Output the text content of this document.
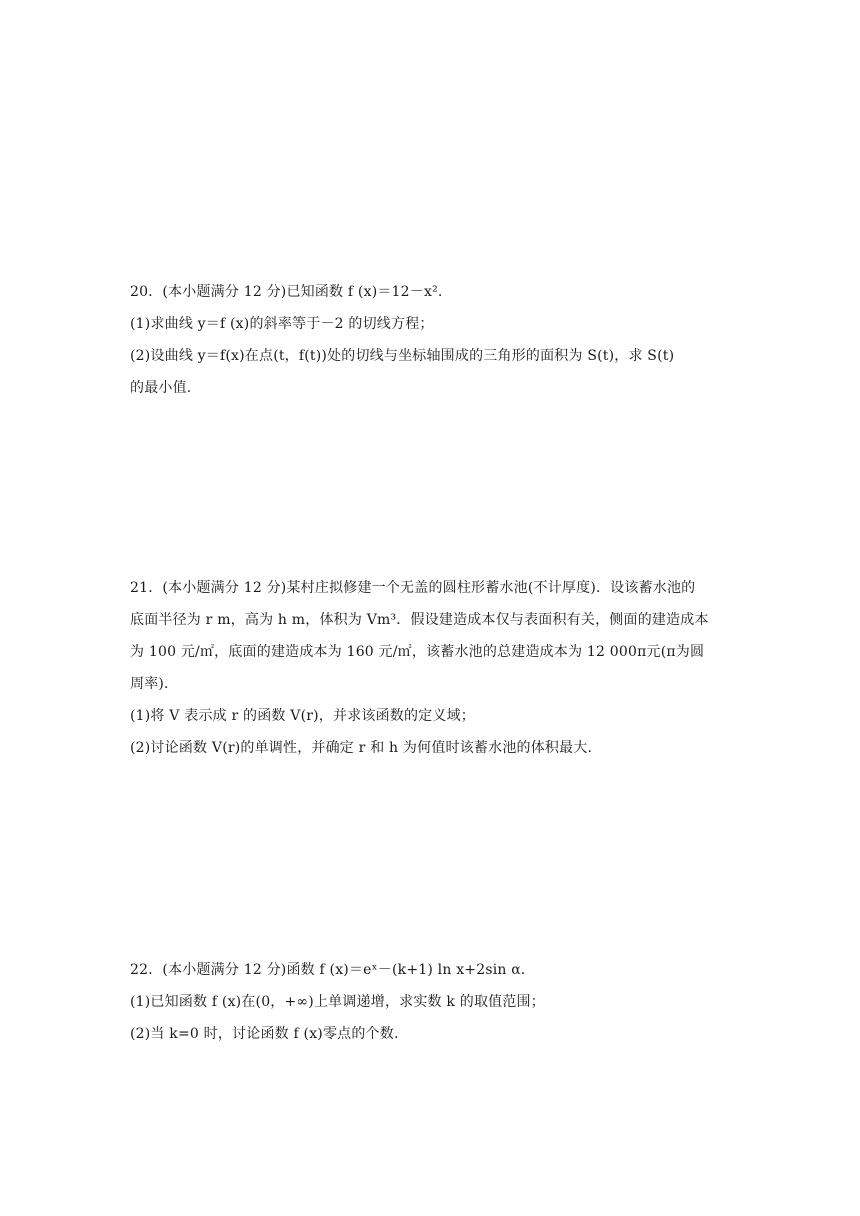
20．(本小题满分 12 分)已知函数 f (x)＝12－x².
(1)求曲线 y＝f (x)的斜率等于－2 的切线方程；
(2)设曲线 y＝f(x)在点(t，f(t))处的切线与坐标轴围成的三角形的面积为 S(t)，求 S(t)
的最小值.
21．(本小题满分 12 分)某村庄拟修建一个无盖的圆柱形蓄水池(不计厚度)．设该蓄水池的
底面半径为 r m，高为 h m，体积为 Vm³．假设建造成本仅与表面积有关，侧面的建造成本
为 100 元/㎡，底面的建造成本为 160 元/㎡，该蓄水池的总建造成本为 12 000π元(π为圆
周率)．
(1)将 V 表示成 r 的函数 V(r)，并求该函数的定义域；
(2)讨论函数 V(r)的单调性，并确定 r 和 h 为何值时该蓄水池的体积最大.
22．(本小题满分 12 分)函数 f (x)＝eˣ－(k+1) ln x+2sin α．
(1)已知函数 f (x)在(0，+∞)上单调递增，求实数 k 的取值范围；
(2)当 k=0 时，讨论函数 f (x)零点的个数.
